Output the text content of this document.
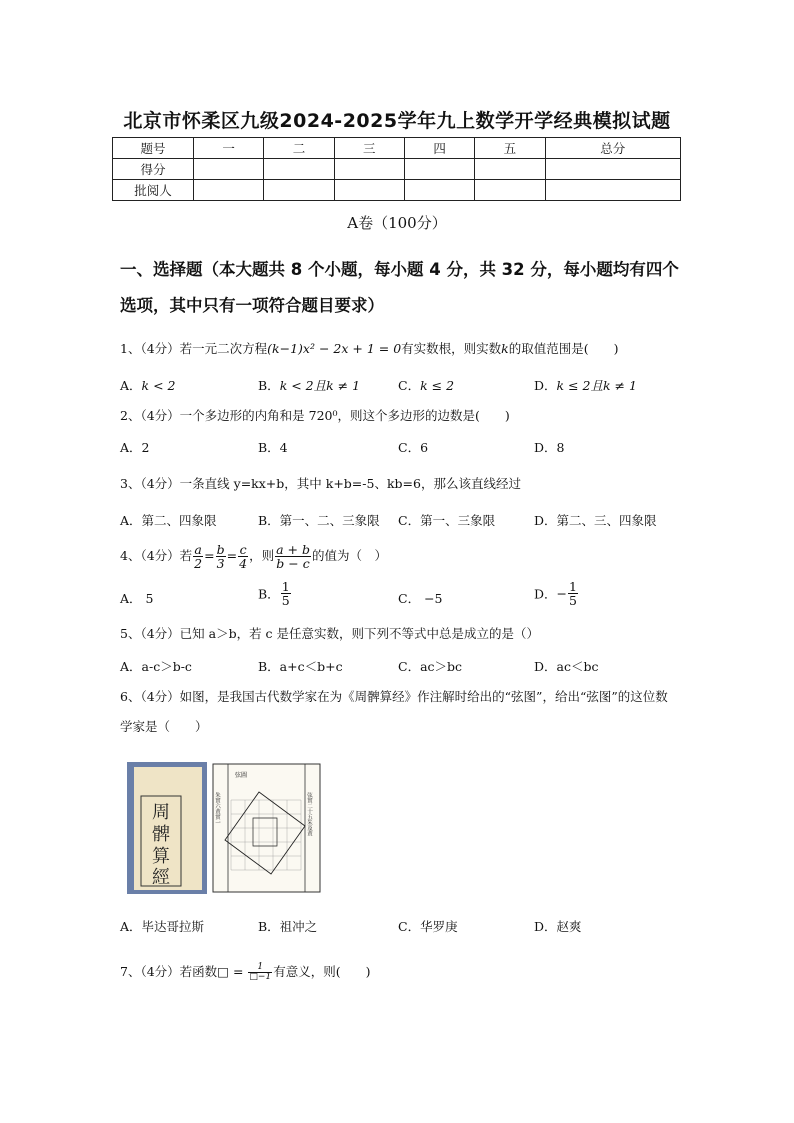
北京市怀柔区九级2024-2025学年九上数学开学经典模拟试题
题号	一	二	三	四	五	总分
得分						
批阅人						
A卷（100分）
一、选择题（本大题共 8 个小题，每小题 4 分，共 32 分，每小题均有四个选项，其中只有一项符合题目要求）
1、（4分）若一元二次方程(k−1)x² − 2x + 1 = 0有实数根，则实数k的取值范围是(　　)
A．k < 2	B．k < 2且k ≠ 1	C．k ≤ 2	D．k ≤ 2且k ≠ 1
2、（4分）一个多边形的内角和是 720⁰，则这个多边形的边数是(　　)
A．2	B．4	C．6	D．8
3、（4分）一条直线 y=kx+b，其中 k+b=-5、kb=6，那么该直线经过
A．第二、四象限	B．第一、二、三象限 C．第一、三象限	D．第二、三、四象限
4、（4分）若 $\frac{a}{2} = \frac{b}{3} = \frac{c}{4}$ ，则 $\frac{a + b}{b - c}$ 的值为（　）
A． 5	B． $\frac{1}{5}$	C． −5	D．− $\frac{1}{5}$
5、（4分）已知 a＞b，若 c 是任意实数，则下列不等式中总是成立的是（）
A．a-c＞b-c	B．a+c＜b+c	C．ac＞bc	D．ac＜bc
6、（4分）如图，是我国古代数学家在为《周髀算经》作注解时给出的“弦图”，给出“弦图”的这位数学家是（　　）
周
髀
算
經
弦圖
朱實六黄實一	弦實二十五朱及黄
A．毕达哥拉斯	B．祖冲之	C．华罗庚	D．赵爽
7、（4分）若函数□ = $\frac{1}{□-1}$ 有意义，则(　　)
